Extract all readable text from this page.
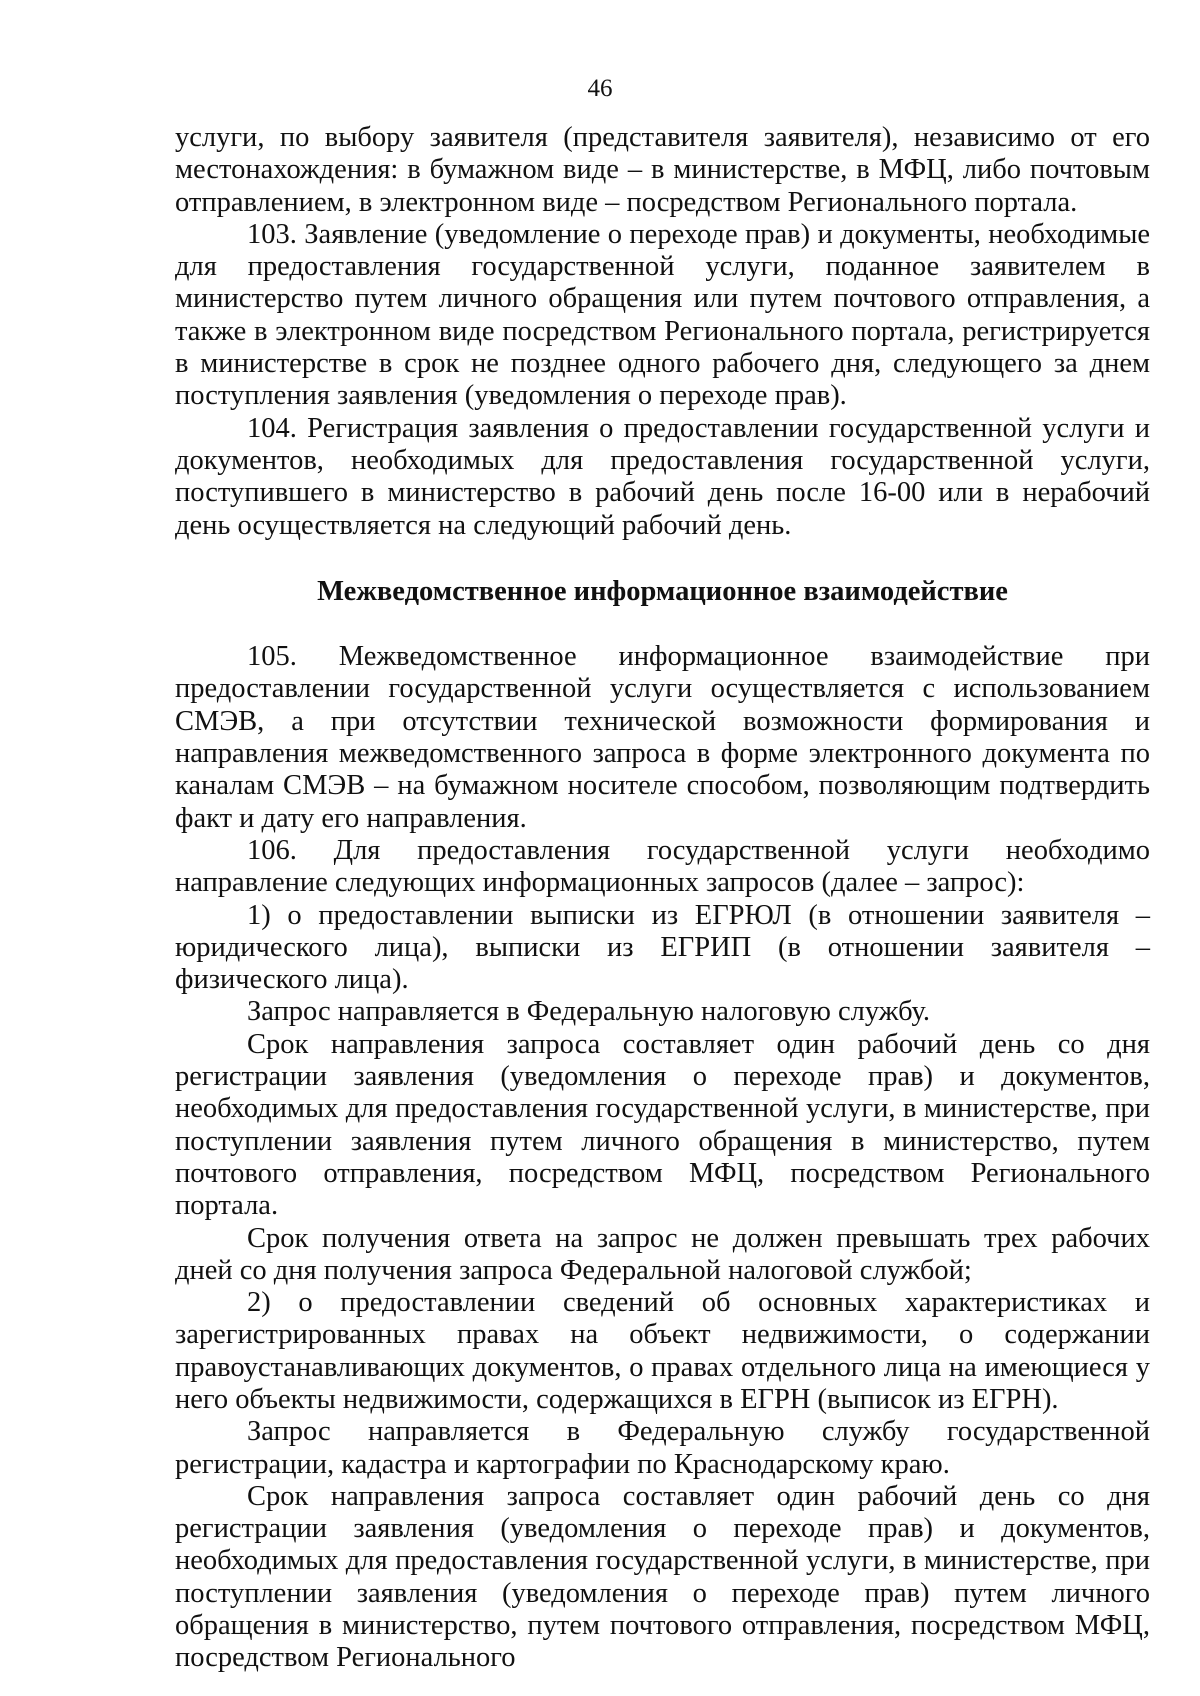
46

услуги, по выбору заявителя (представителя заявителя), независимо от его местонахождения: в бумажном виде – в министерстве, в МФЦ, либо почтовым отправлением, в электронном виде – посредством Регионального портала.

103. Заявление (уведомление о переходе прав) и документы, необходимые для предоставления государственной услуги, поданное заявителем в министерство путем личного обращения или путем почтового отправления, а также в электронном виде посредством Регионального портала, регистрируется в министерстве в срок не позднее одного рабочего дня, следующего за днем поступления заявления (уведомления о переходе прав).

104. Регистрация заявления о предоставлении государственной услуги и документов, необходимых для предоставления государственной услуги, поступившего в министерство в рабочий день после 16-00 или в нерабочий день осуществляется на следующий рабочий день.

Межведомственное информационное взаимодействие

105. Межведомственное информационное взаимодействие при предоставлении государственной услуги осуществляется с использованием СМЭВ, а при отсутствии технической возможности формирования и направления межведомственного запроса в форме электронного документа по каналам СМЭВ – на бумажном носителе способом, позволяющим подтвердить факт и дату его направления.

106. Для предоставления государственной услуги необходимо направление следующих информационных запросов (далее – запрос):

1) о предоставлении выписки из ЕГРЮЛ (в отношении заявителя – юридического лица), выписки из ЕГРИП (в отношении заявителя – физического лица).

Запрос направляется в Федеральную налоговую службу.

Срок направления запроса составляет один рабочий день со дня регистрации заявления (уведомления о переходе прав) и документов, необходимых для предоставления государственной услуги, в министерстве, при поступлении заявления путем личного обращения в министерство, путем почтового отправления, посредством МФЦ, посредством Регионального портала.

Срок получения ответа на запрос не должен превышать трех рабочих дней со дня получения запроса Федеральной налоговой службой;

2) о предоставлении сведений об основных характеристиках и зарегистрированных правах на объект недвижимости, о содержании правоустанавливающих документов, о правах отдельного лица на имеющиеся у него объекты недвижимости, содержащихся в ЕГРН (выписок из ЕГРН).

Запрос направляется в Федеральную службу государственной регистрации, кадастра и картографии по Краснодарскому краю.

Срок направления запроса составляет один рабочий день со дня регистрации заявления (уведомления о переходе прав) и документов, необходимых для предоставления государственной услуги, в министерстве, при поступлении заявления (уведомления о переходе прав) путем личного обращения в министерство, путем почтового отправления, посредством МФЦ, посредством Регионального
